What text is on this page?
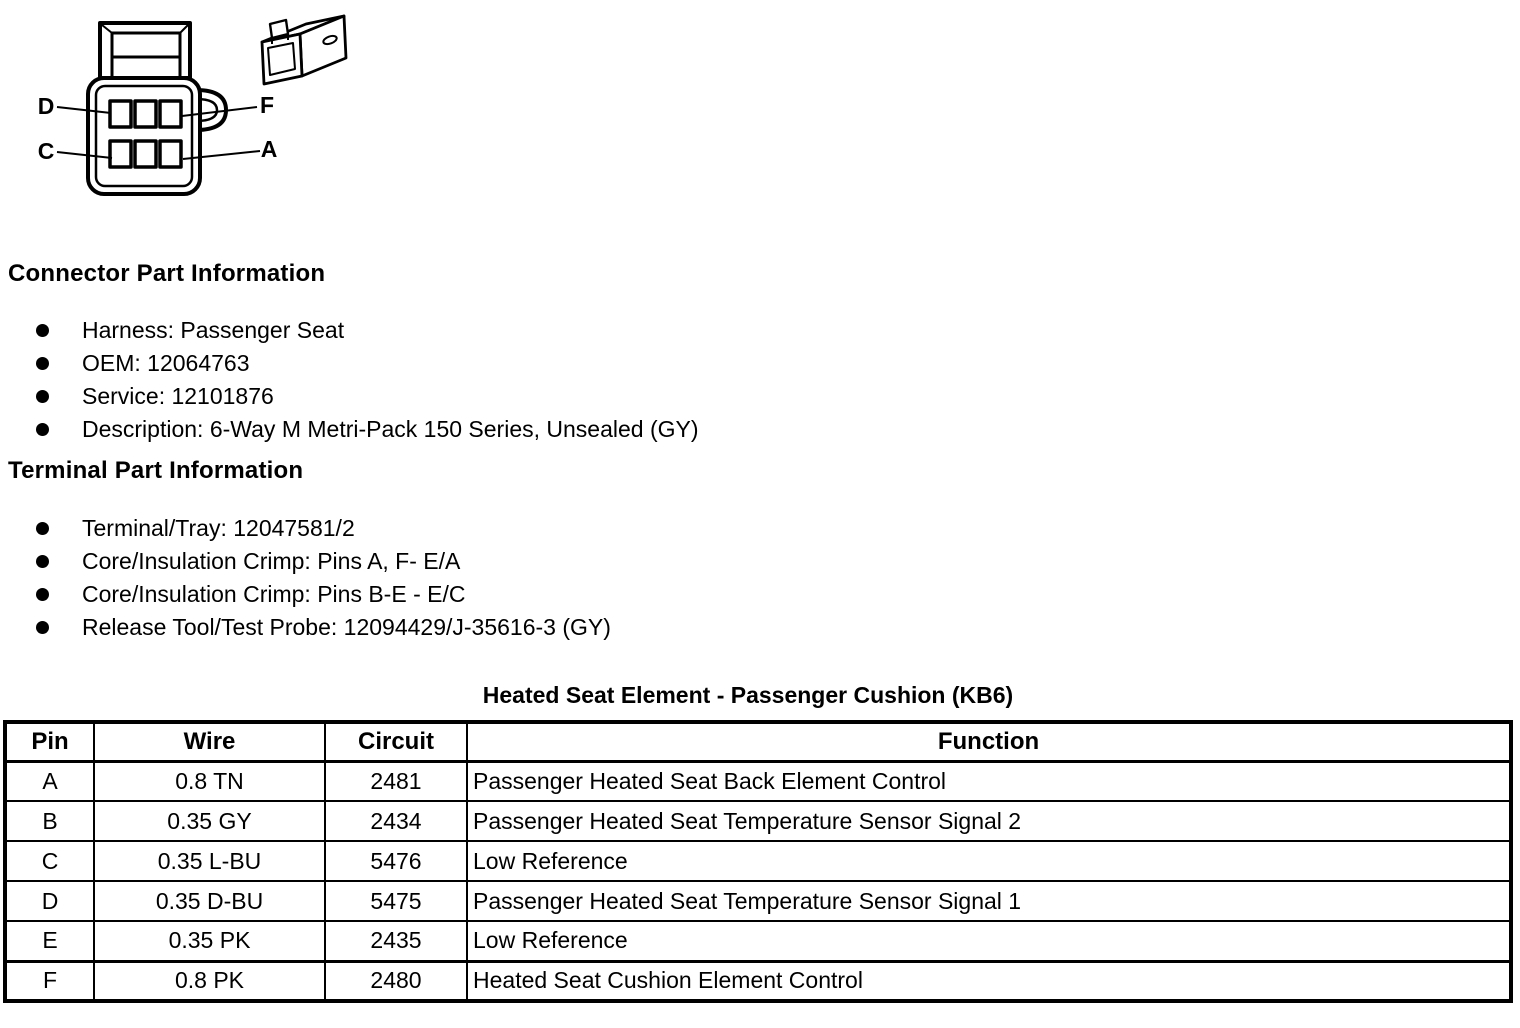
D
C
F
A
Connector Part Information
Harness: Passenger Seat
OEM: 12064763
Service: 12101876
Description: 6-Way M Metri-Pack 150 Series, Unsealed (GY)
Terminal Part Information
Terminal/Tray: 12047581/2
Core/Insulation Crimp: Pins A, F- E/A
Core/Insulation Crimp: Pins B-E - E/C
Release Tool/Test Probe: 12094429/J-35616-3 (GY)
Heated Seat Element - Passenger Cushion (KB6)
Pin	Wire	Circuit	Function
A	0.8 TN	2481	Passenger Heated Seat Back Element Control
B	0.35 GY	2434	Passenger Heated Seat Temperature Sensor Signal 2
C	0.35 L-BU	5476	Low Reference
D	0.35 D-BU	5475	Passenger Heated Seat Temperature Sensor Signal 1
E	0.35 PK	2435	Low Reference
F	0.8 PK	2480	Heated Seat Cushion Element Control
